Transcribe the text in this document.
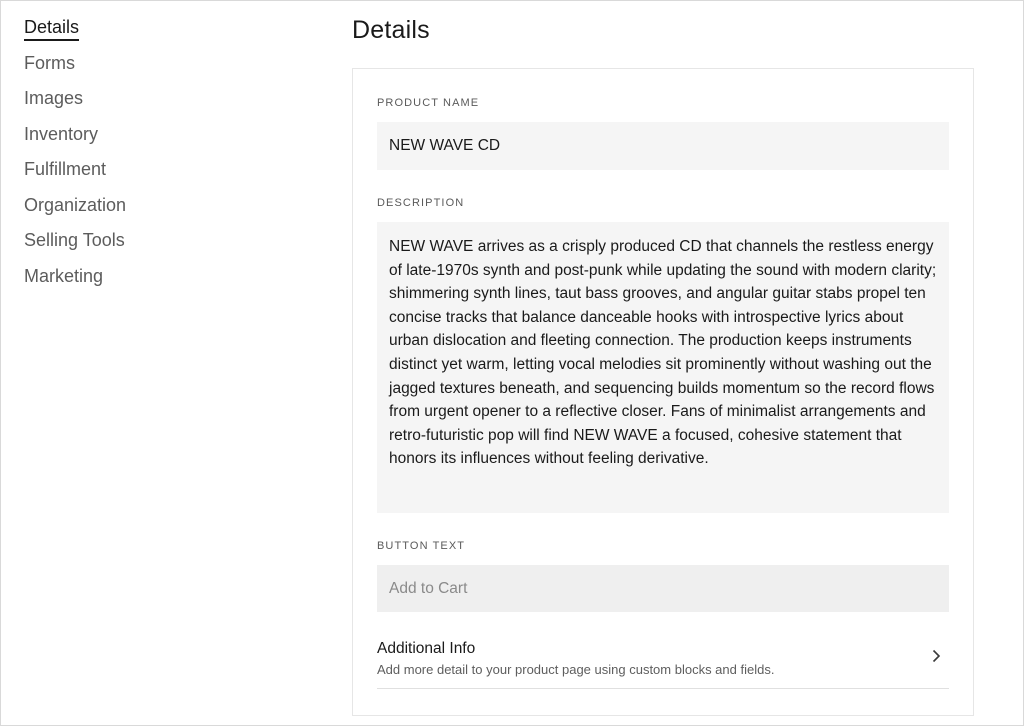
Details
Forms
Images
Inventory
Fulfillment
Organization
Selling Tools
Marketing
Details
PRODUCT NAME
NEW WAVE CD
DESCRIPTION
NEW WAVE arrives as a crisply produced CD that channels the restless energy of late-1970s synth and post-punk while updating the sound with modern clarity; shimmering synth lines, taut bass grooves, and angular guitar stabs propel ten concise tracks that balance danceable hooks with introspective lyrics about urban dislocation and fleeting connection. The production keeps instruments distinct yet warm, letting vocal melodies sit prominently without washing out the jagged textures beneath, and sequencing builds momentum so the record flows from urgent opener to a reflective closer. Fans of minimalist arrangements and retro-futuristic pop will find NEW WAVE a focused, cohesive statement that honors its influences without feeling derivative.
BUTTON TEXT
Add to Cart
Additional Info
Add more detail to your product page using custom blocks and fields.
